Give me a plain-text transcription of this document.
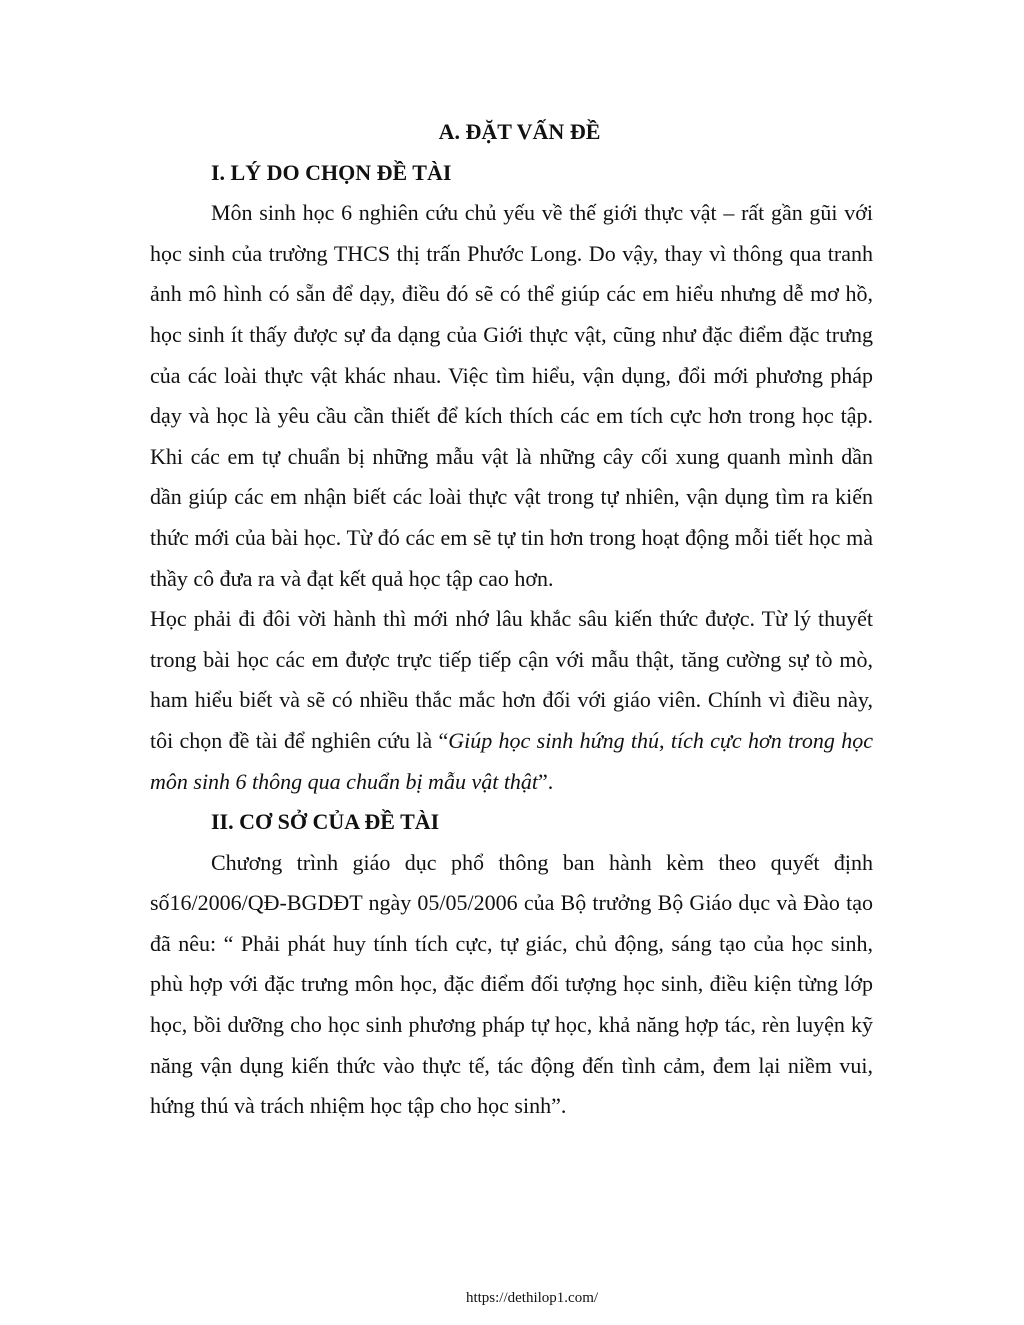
A. ĐẶT VẤN ĐỀ

I. LÝ DO CHỌN ĐỀ TÀI

Môn sinh học 6 nghiên cứu chủ yếu về thế giới thực vật – rất gần gũi với học sinh của trường THCS thị trấn Phước Long. Do vậy, thay vì thông qua tranh ảnh mô hình có sẵn để dạy, điều đó sẽ có thể giúp các em hiểu nhưng dễ mơ hồ, học sinh ít thấy được sự đa dạng của Giới thực vật, cũng như đặc điểm đặc trưng của các loài thực vật khác nhau. Việc tìm hiểu, vận dụng, đổi mới phương pháp dạy và học là yêu cầu cần thiết để kích thích các em tích cực hơn trong học tập. Khi các em tự chuẩn bị những mẫu vật là những cây cối xung quanh mình dần dần giúp các em nhận biết các loài thực vật trong tự nhiên, vận dụng tìm ra kiến thức mới của bài học. Từ đó các em sẽ tự tin hơn trong hoạt động mỗi tiết học mà thầy cô đưa ra và đạt kết quả học tập cao hơn.

Học phải đi đôi vời hành thì mới nhớ lâu khắc sâu kiến thức được. Từ lý thuyết trong bài học các em được trực tiếp tiếp cận với mẫu thật, tăng cường sự tò mò, ham hiểu biết và sẽ có nhiều thắc mắc hơn đối với giáo viên. Chính vì điều này, tôi chọn đề tài để nghiên cứu là “Giúp học sinh hứng thú, tích cực hơn trong học môn sinh 6 thông qua chuẩn bị mẫu vật thật”.

II. CƠ SỞ CỦA ĐỀ TÀI

Chương trình giáo dục phổ thông ban hành kèm theo quyết định số16/2006/QĐ-BGDĐT ngày 05/05/2006 của Bộ trưởng Bộ Giáo dục và Đào tạo đã nêu: “ Phải phát huy tính tích cực, tự giác, chủ động, sáng tạo của học sinh, phù hợp với đặc trưng môn học, đặc điểm đối tượng học sinh, điều kiện từng lớp học, bồi dưỡng cho học sinh phương pháp tự học, khả năng hợp tác, rèn luyện kỹ năng vận dụng kiến thức vào thực tế, tác động đến tình cảm, đem lại niềm vui, hứng thú và trách nhiệm học tập cho học sinh”.

https://dethilop1.com/
